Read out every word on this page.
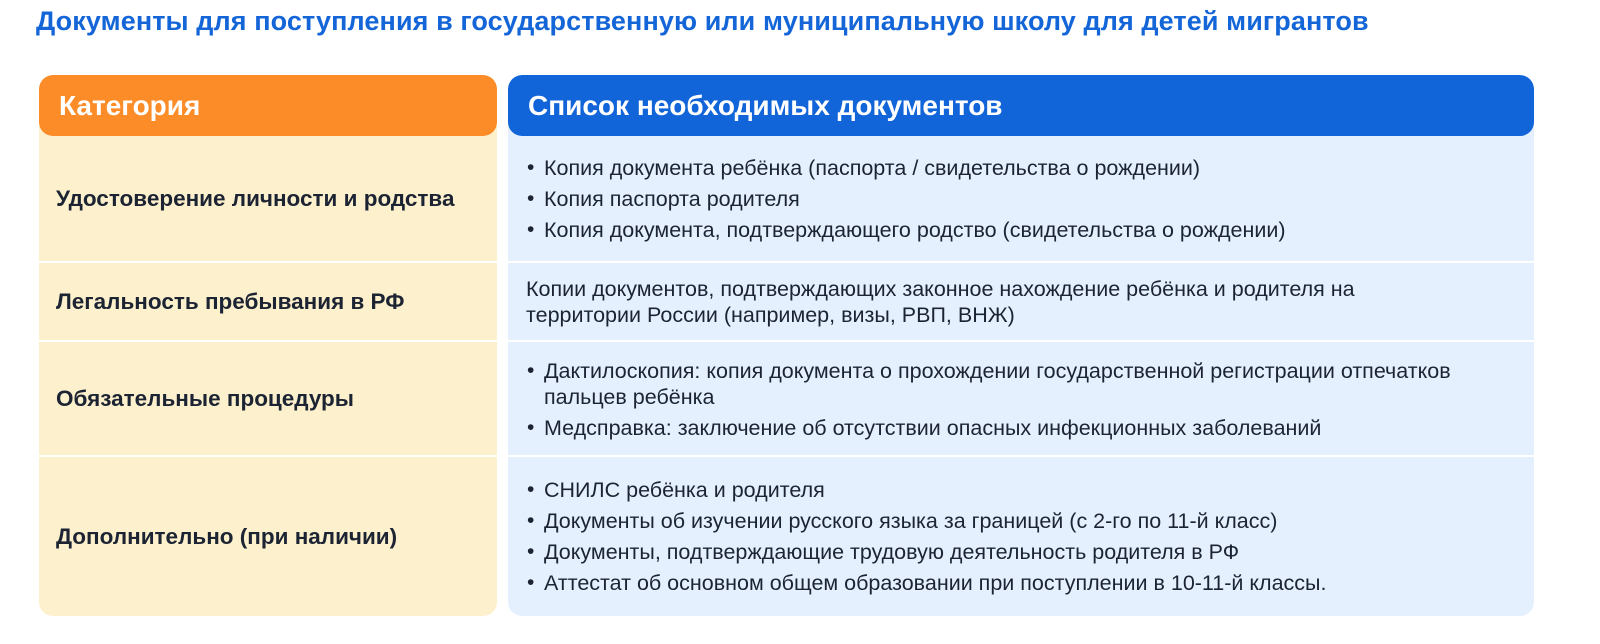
Документы для поступления в государственную или муниципальную школу для детей мигрантов
Категория
Удостоверение личности и родства
Легальность пребывания в РФ
Обязательные процедуры
Дополнительно (при наличии)
Список необходимых документов
• Копия документа ребёнка (паспорта / свидетельства о рождении)
• Копия паспорта родителя
• Копия документа, подтверждающего родство (свидетельства о рождении)

Копии документов, подтверждающих законное нахождение ребёнка и родителя на территории России (например, визы, РВП, ВНЖ)

• Дактилоскопия: копия документа о прохождении государственной регистрации отпечатков пальцев ребёнка
• Медсправка: заключение об отсутствии опасных инфекционных заболеваний
• СНИЛС ребёнка и родителя
• Документы об изучении русского языка за границей (с 2-го по 11-й класс)
• Документы, подтверждающие трудовую деятельность родителя в РФ
• Аттестат об основном общем образовании при поступлении в 10-11-й классы.
